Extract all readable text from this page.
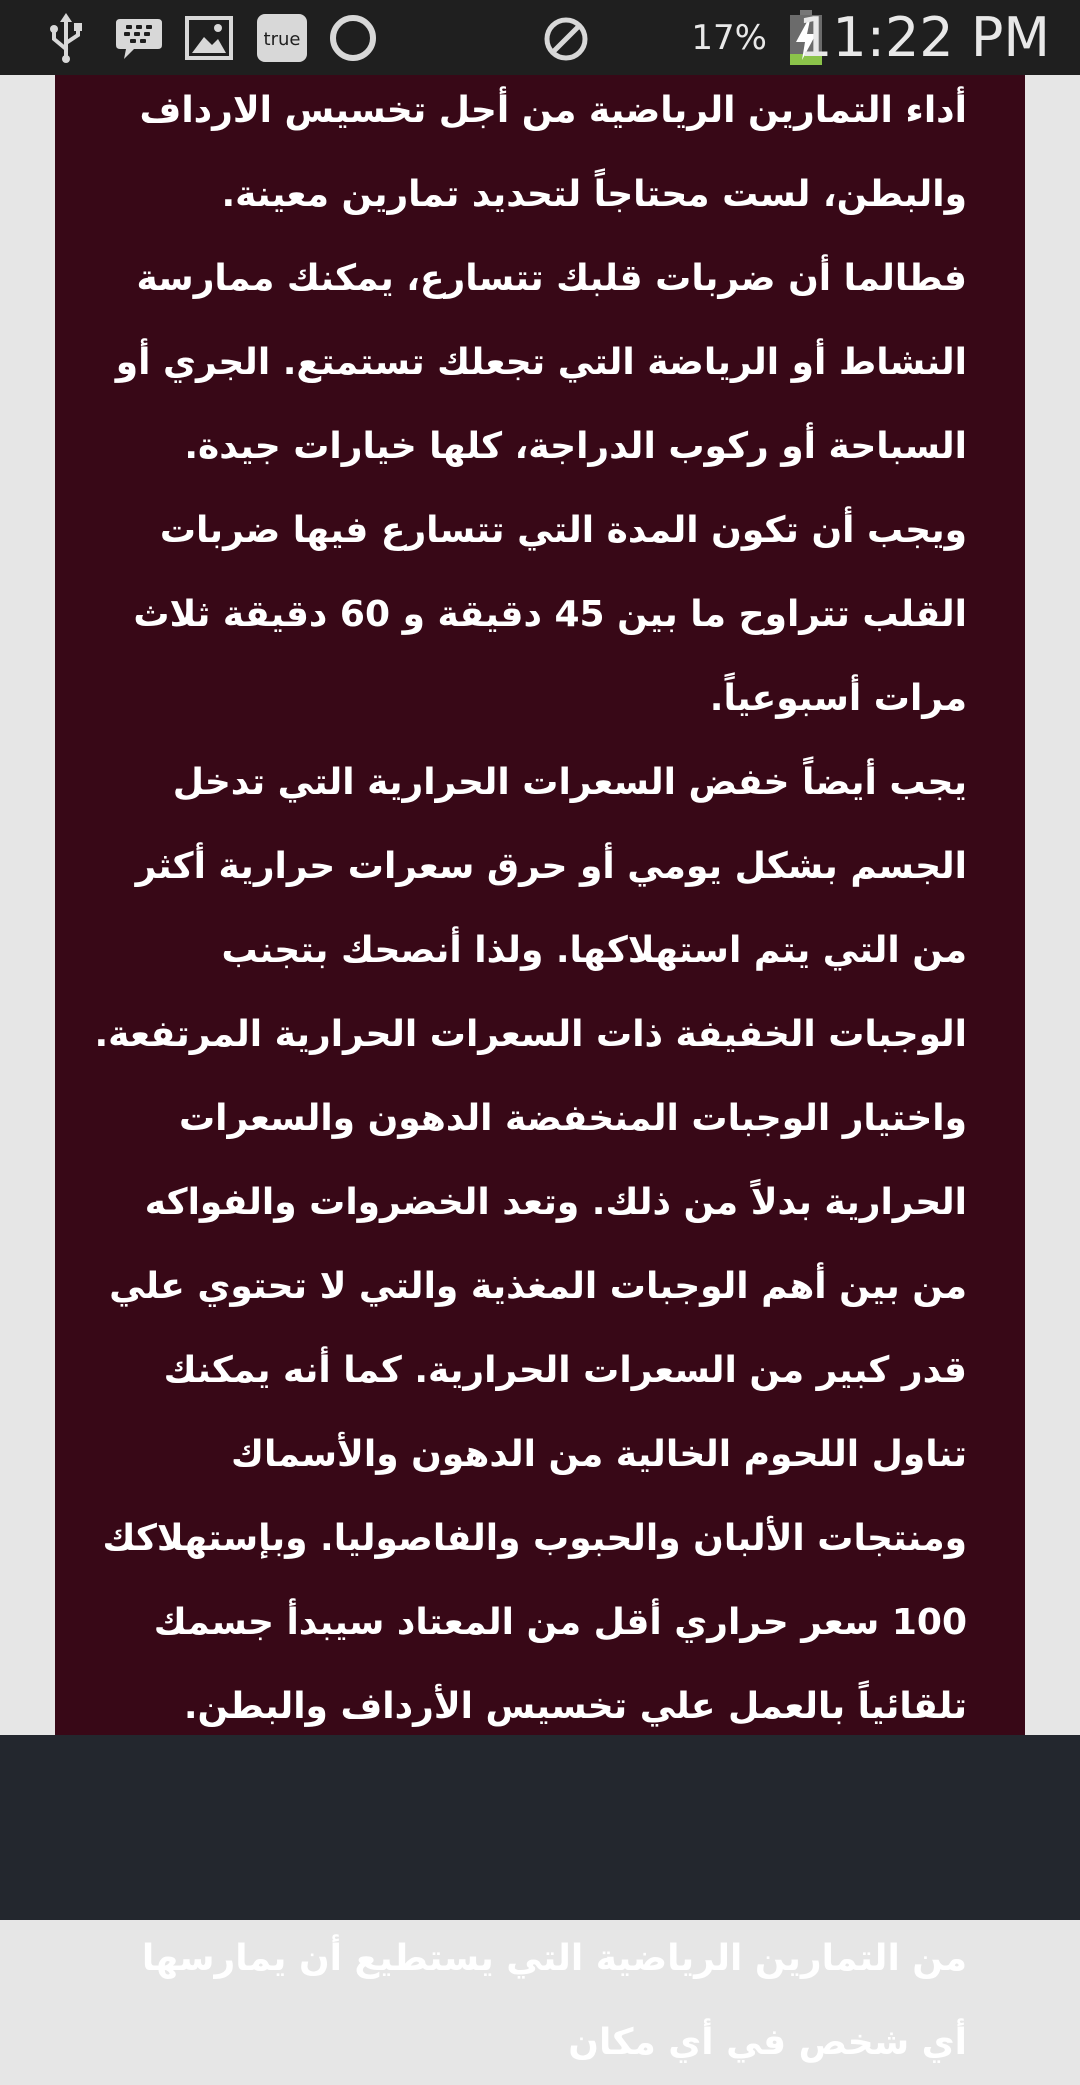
true	17% 11:22 PM

أداء التمارين الرياضية من أجل تخسيس الارداف والبطن، لست محتاجاً لتحديد تمارين معينة. فطالما أن ضربات قلبك تتسارع، يمكنك ممارسة النشاط أو الرياضة التي تجعلك تستمتع. الجري أو السباحة أو ركوب الدراجة، كلها خيارات جيدة. ويجب أن تكون المدة التي تتسارع فيها ضربات القلب تتراوح ما بين 45 دقيقة و 60 دقيقة ثلاث مرات أسبوعياً.

يجب أيضاً خفض السعرات الحرارية التي تدخل الجسم بشكل يومي أو حرق سعرات حرارية أكثر من التي يتم استهلاكها. ولذا أنصحك بتجنب الوجبات الخفيفة ذات السعرات الحرارية المرتفعة. واختيار الوجبات المنخفضة الدهون والسعرات الحرارية بدلاً من ذلك. وتعد الخضروات والفواكه من بين أهم الوجبات المغذية والتي لا تحتوي علي قدر كبير من السعرات الحرارية. كما أنه يمكنك تناول اللحوم الخالية من الدهون والأسماك ومنتجات الألبان والحبوب والفاصوليا. وبإستهلاكك 100 سعر حراري أقل من المعتاد سيبدأ جسمك تلقائياً بالعمل علي تخسيس الأرداف والبطن.

من التمارين الرياضية التي يستطيع أن يمارسها أي شخص في أي مكان
